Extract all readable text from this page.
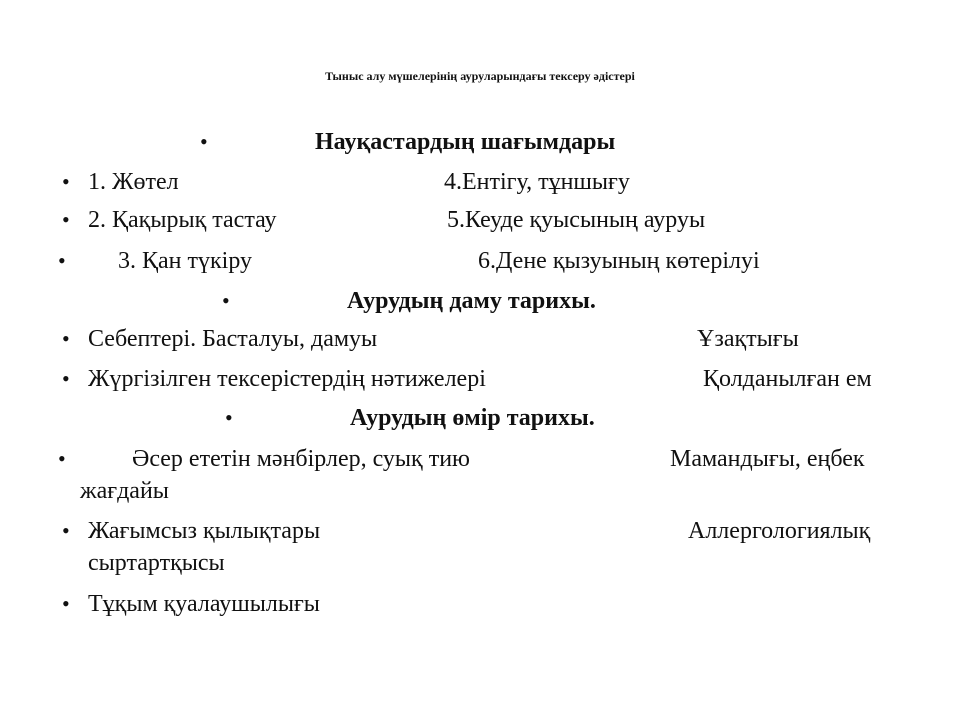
Тыныс алу мүшелерінің ауруларындағы тексеру әдістері
•	Науқастардың шағымдары
• 1. Жөтел	4.Ентігу, тұншығу
• 2. Қақырық тастау	5.Кеуде қуысының ауруы
• 3. Қан түкіру	6.Дене қызуының көтерілуі
•	Аурудың даму тарихы.
• Себептері. Басталуы, дамуы	Ұзақтығы
• Жүргізілген тексерістердің нәтижелері	Қолданылған ем
•	Аурудың өмір тарихы.
•	Әсер ететін мәнбірлер, суық тию	Мамандығы, еңбек
жағдайы
• Жағымсыз қылықтары	Аллергологиялық
сыртартқысы
• Тұқым қуалаушылығы
